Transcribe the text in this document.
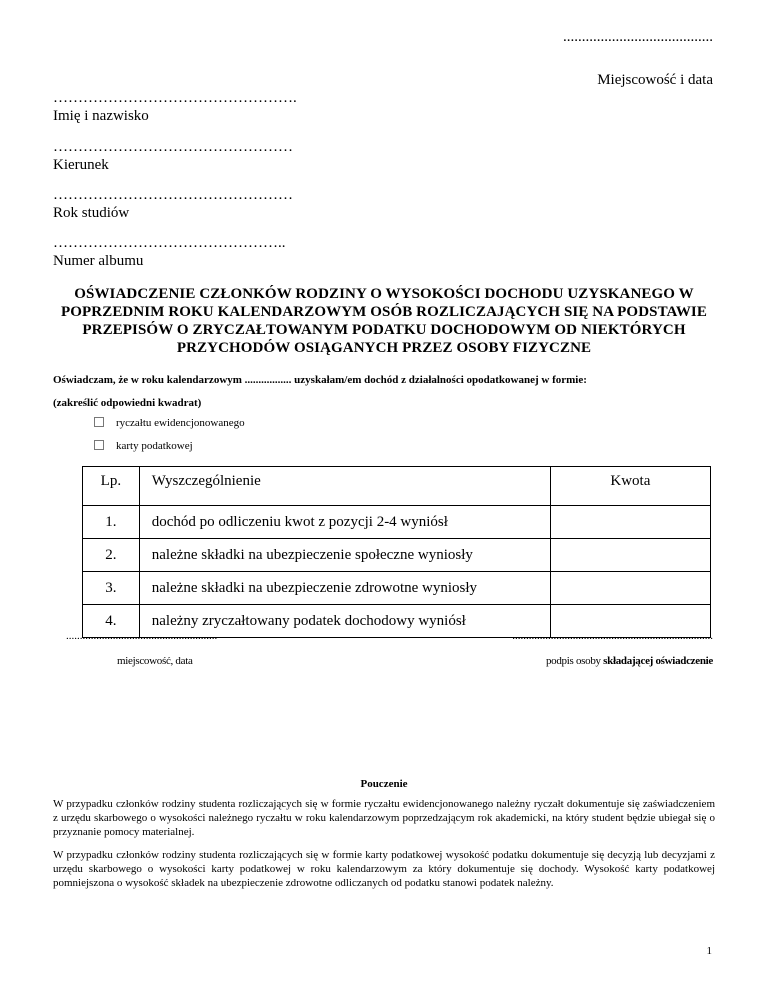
........................................
Miejscowość i data
………………………………………….
Imię i nazwisko
…………………………………………
Kierunek
…………………………………………
Rok studiów
………………………………………..
Numer albumu
OŚWIADCZENIE CZŁONKÓW RODZINY O WYSOKOŚCI DOCHODU UZYSKANEGO W POPRZEDNIM ROKU KALENDARZOWYM OSÓB ROZLICZAJĄCYCH SIĘ NA PODSTAWIE PRZEPISÓW O ZRYCZAŁTOWANYM PODATKU DOCHODOWYM OD NIEKTÓRYCH PRZYCHODÓW OSIĄGANYCH PRZEZ OSOBY FIZYCZNE
Oświadczam, że w roku kalendarzowym ................. uzyskałam/em dochód z działalności opodatkowanej w formie:
(zakreślić odpowiedni kwadrat)
ryczałtu ewidencjonowanego
karty podatkowej
Lp.	Wyszczególnienie	Kwota
1.	dochód po odliczeniu kwot z pozycji 2-4 wyniósł	
2.	należne składki na ubezpieczenie społeczne wyniosły	
3.	należne składki na ubezpieczenie zdrowotne wyniosły	
4.	należny zryczałtowany podatek dochodowy wyniósł	
.......................................................
miejscowość, data
.........................................................................
podpis osoby składającej oświadczenie
Pouczenie

W przypadku członków rodziny studenta rozliczających się w formie ryczałtu ewidencjonowanego należny ryczałt dokumentuje się zaświadczeniem z urzędu skarbowego o wysokości należnego ryczałtu w roku kalendarzowym poprzedzającym rok akademicki, na który student będzie ubiegał się o przyznanie pomocy materialnej.

W przypadku członków rodziny studenta rozliczających się w formie karty podatkowej wysokość podatku dokumentuje się decyzją lub decyzjami z urzędu skarbowego o wysokości karty podatkowej w roku kalendarzowym za który dokumentuje się dochody. Wysokość karty podatkowej pomniejszona o wysokość składek na ubezpieczenie zdrowotne odliczanych od podatku stanowi podatek należny.

1
